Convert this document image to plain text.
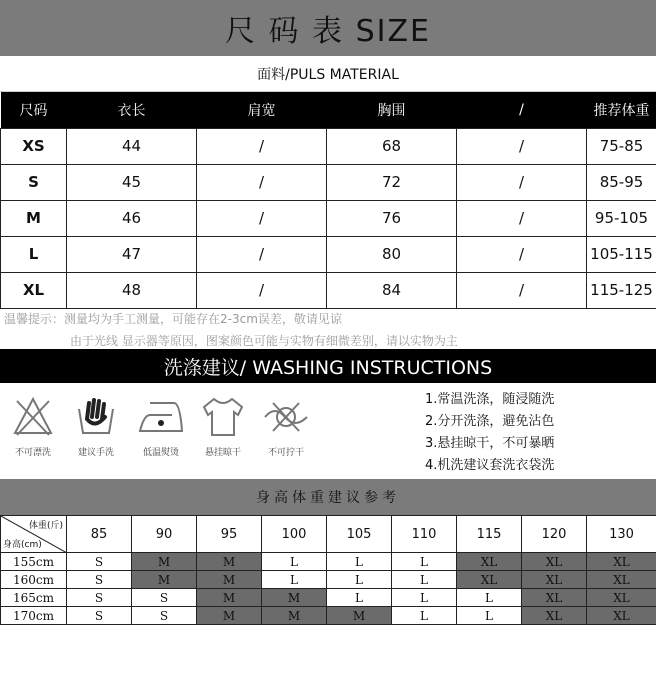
尺 码 表 SIZE
面料/PULS MATERIAL
尺码	衣长	肩宽	胸围	/	推荐体重
XS	44	/	68	/	75-85
S	45	/	72	/	85-95
M	46	/	76	/	95-105
L	47	/	80	/	105-115
XL	48	/	84	/	115-125
温馨提示：测量均为手工测量，可能存在2-3cm误差，敬请见谅
由于光线 显示器等原因，图案颜色可能与实物有细微差别，请以实物为主
洗涤建议/ WASHING INSTRUCTIONS
不可漂洗	建议手洗	低温熨烫	悬挂晾干	不可拧干
1.常温洗涤，随浸随洗
2.分开洗涤，避免沾色
3.悬挂晾干，不可暴晒
4.机洗建议套洗衣袋洗
身高体重建议参考
体重(斤)
身高(cm)	85	90	95	100	105	110	115	120	130
155cm	S	M	M	L	L	L	XL	XL	XL
160cm	S	M	M	L	L	L	XL	XL	XL
165cm	S	S	M	M	L	L	L	XL	XL
170cm	S	S	M	M	M	L	L	XL	XL
